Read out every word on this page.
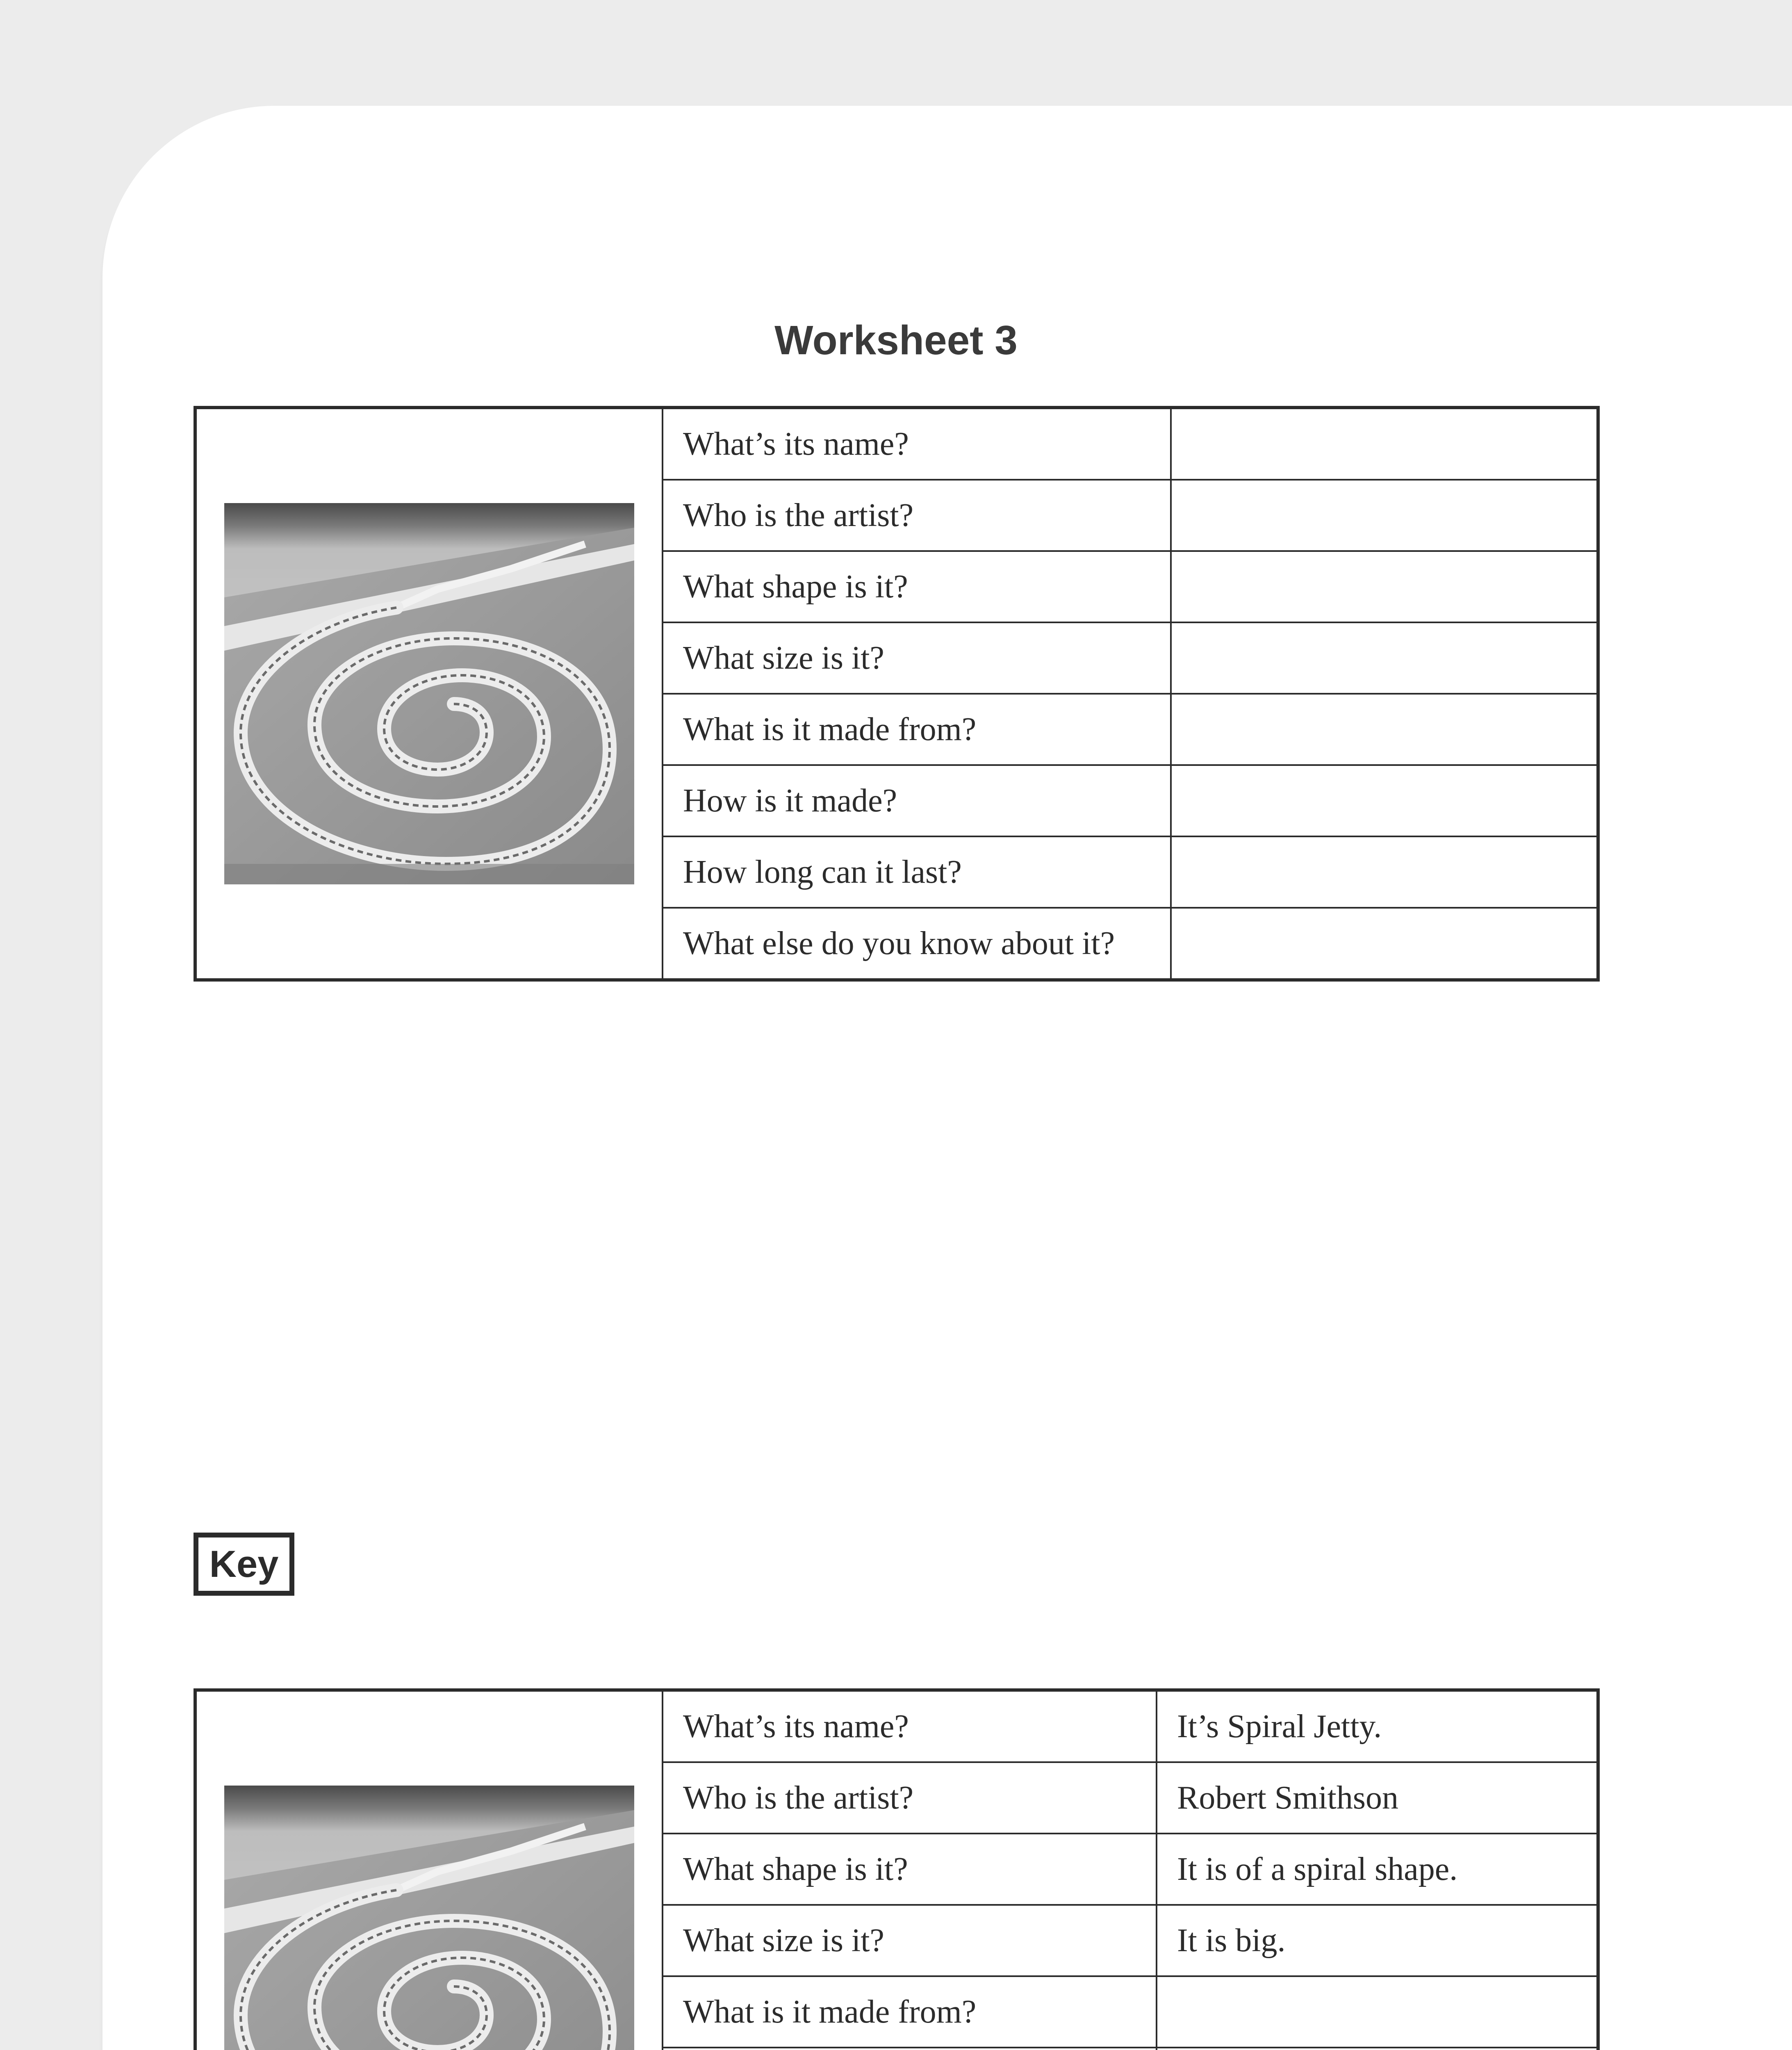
Worksheet 3
	What’s its name?	
	Who is the artist?	
	What shape is it?	
	What size is it?	
	What is it made from?	
	How is it made?	
	How long can it last?	
	What else do you know about it?	
Key
	What’s its name?	It’s Spiral Jetty.
	Who is the artist?	Robert Smithson
	What shape is it?	It is of a spiral shape.
	What size is it?	It is big.
	What is it made from?	
